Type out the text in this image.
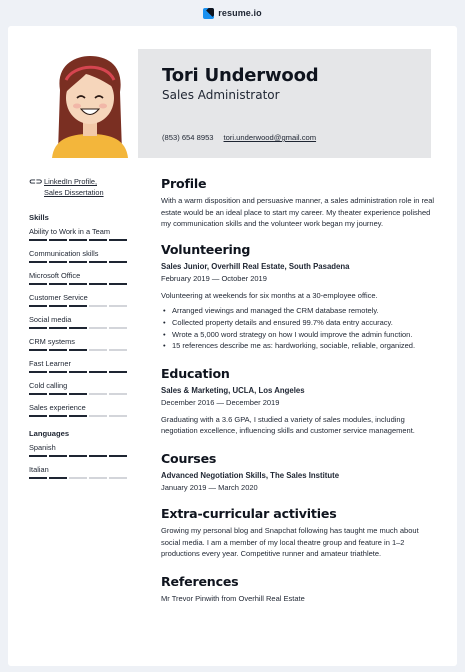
resume.io
Tori Underwood
Sales Administrator
(853) 654 8953 tori.underwood@gmail.com
⊂⊃ LinkedIn Profile,
Sales Dissertation
Skills
Ability to Work in a Team
Communication skills
Microsoft Office
Customer Service
Social media
CRM systems
Fast Learner
Cold calling
Sales experience
Languages
Spanish
Italian
Profile
With a warm disposition and persuasive manner, a sales administration role in real estate would be an ideal place to start my career. My theater experience polished my communication skills and the volunteer work began my journey.
Volunteering
Sales Junior, Overhill Real Estate, South Pasadena
February 2019 — October 2019
Volunteering at weekends for six months at a 30-employee office.
• Arranged viewings and managed the CRM database remotely.
• Collected property details and ensured 99.7% data entry accuracy.
• Wrote a 5,000 word strategy on how I would improve the admin function.
• 15 references describe me as: hardworking, sociable, reliable, organized.
Education
Sales & Marketing, UCLA, Los Angeles
December 2016 — December 2019
Graduating with a 3.6 GPA, I studied a variety of sales modules, including negotiation excellence, influencing skills and customer service management.
Courses
Advanced Negotiation Skills, The Sales Institute
January 2019 — March 2020
Extra-curricular activities
Growing my personal blog and Snapchat following has taught me much about social media. I am a member of my local theatre group and feature in 1–2 productions every year. Competitive runner and amateur triathlete.
References
Mr Trevor Pinwith from Overhill Real Estate
